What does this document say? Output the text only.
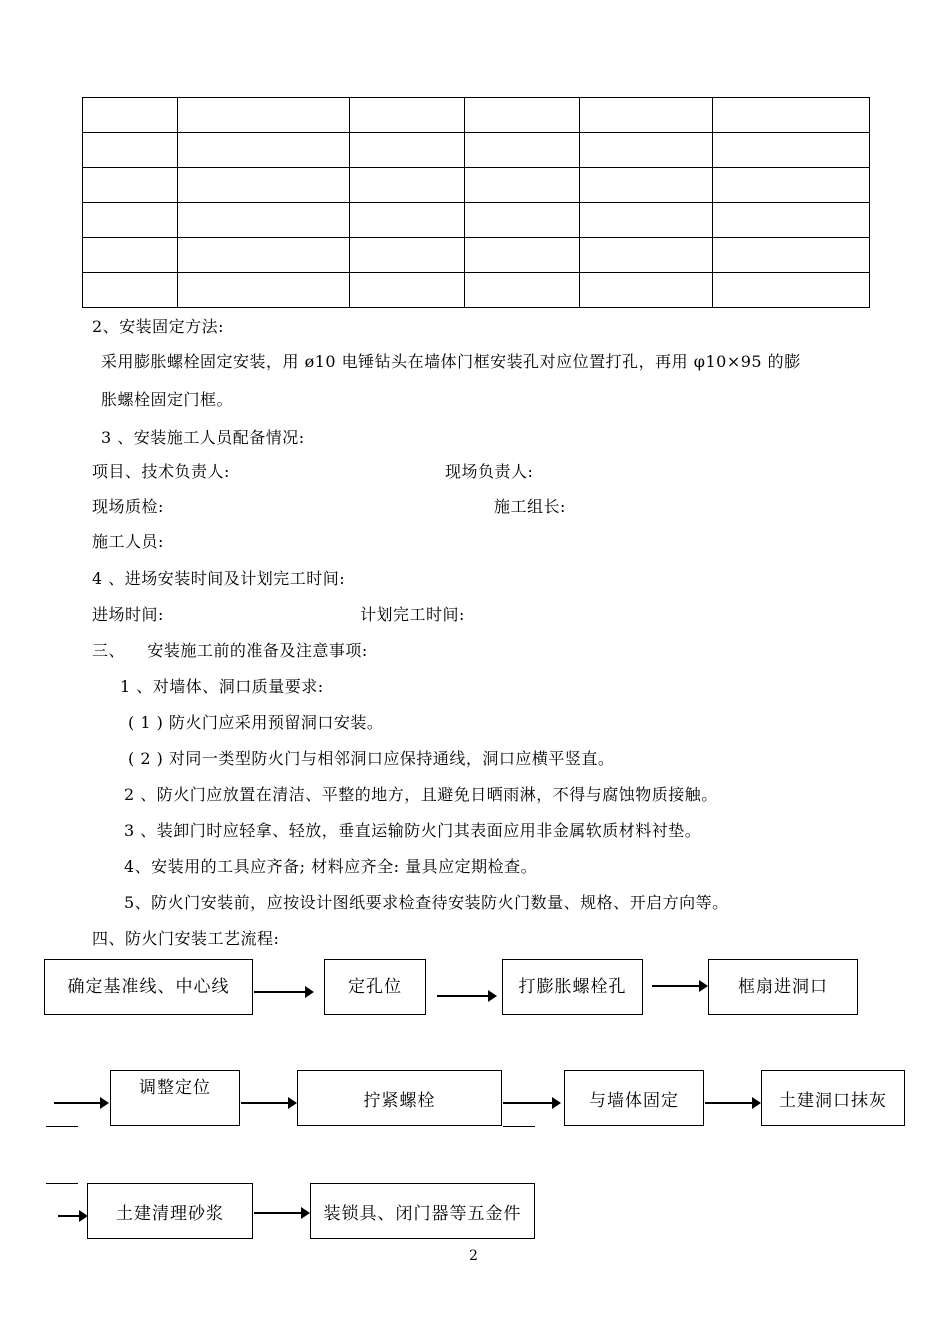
2、安装固定方法:
采用膨胀螺栓固定安装，用 ø10 电锤钻头在墙体门框安装孔对应位置打孔，再用 φ10×95 的膨
胀螺栓固定门框。
3 、安装施工人员配备情况:
项目、技术负责人:	现场负责人:
现场质检:	施工组长:
施工人员:
4 、进场安装时间及计划完工时间:
进场时间:	计划完工时间:
三、    安装施工前的准备及注意事项:
1 、对墙体、洞口质量要求:
( 1 ) 防火门应采用预留洞口安装。
( 2 ) 对同一类型防火门与相邻洞口应保持通线，洞口应横平竖直。
2 、防火门应放置在清洁、平整的地方，且避免日晒雨淋，不得与腐蚀物质接触。
3 、装卸门时应轻拿、轻放，垂直运输防火门其表面应用非金属软质材料衬垫。
4、安装用的工具应齐备; 材料应齐全: 量具应定期检查。
5、防火门安装前，应按设计图纸要求检查待安装防火门数量、规格、开启方向等。
四、防火门安装工艺流程:
确定基准线、中心线	定孔位	打膨胀螺栓孔	框扇进洞口
调整定位
拧紧螺栓	与墙体固定	土建洞口抹灰
土建清理砂浆	装锁具、闭门器等五金件
2
